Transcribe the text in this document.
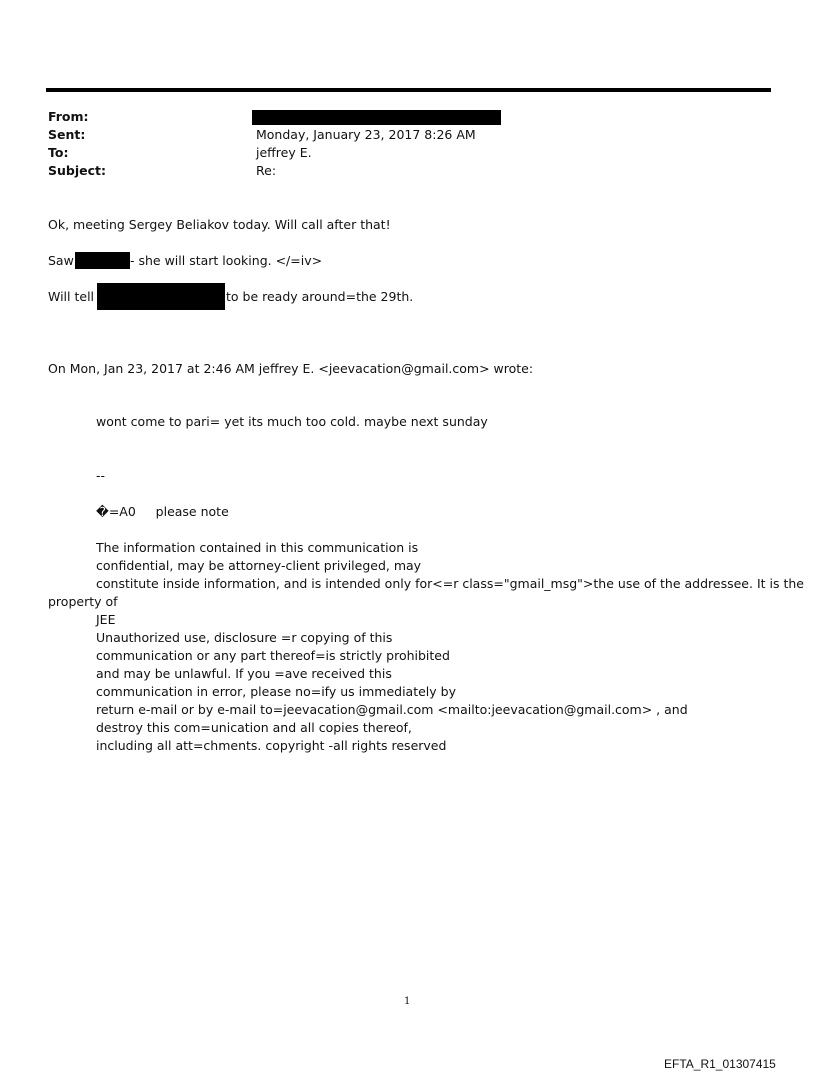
From:
Sent:	Monday, January 23, 2017 8:26 AM
To:	jeffrey E.
Subject:	Re:
Ok, meeting Sergey Beliakov today. Will call after that!
Saw	- she will start looking. </=iv>
Will tell	to be ready around=the 29th.
On Mon, Jan 23, 2017 at 2:46 AM jeffrey E. <jeevacation@gmail.com> wrote:
wont come to pari= yet its much too cold. maybe next sunday
--
�=A0     please note
The information contained in this communication is
confidential, may be attorney-client privileged, may
constitute inside information, and is intended only for<=r class="gmail_msg">the use of the addressee. It is the
property of
JEE
Unauthorized use, disclosure =r copying of this
communication or any part thereof=is strictly prohibited
and may be unlawful. If you =ave received this
communication in error, please no=ify us immediately by
return e-mail or by e-mail to=jeevacation@gmail.com <mailto:jeevacation@gmail.com> , and
destroy this com=unication and all copies thereof,
including all att=chments. copyright -all rights reserved
1
EFTA_R1_01307415
